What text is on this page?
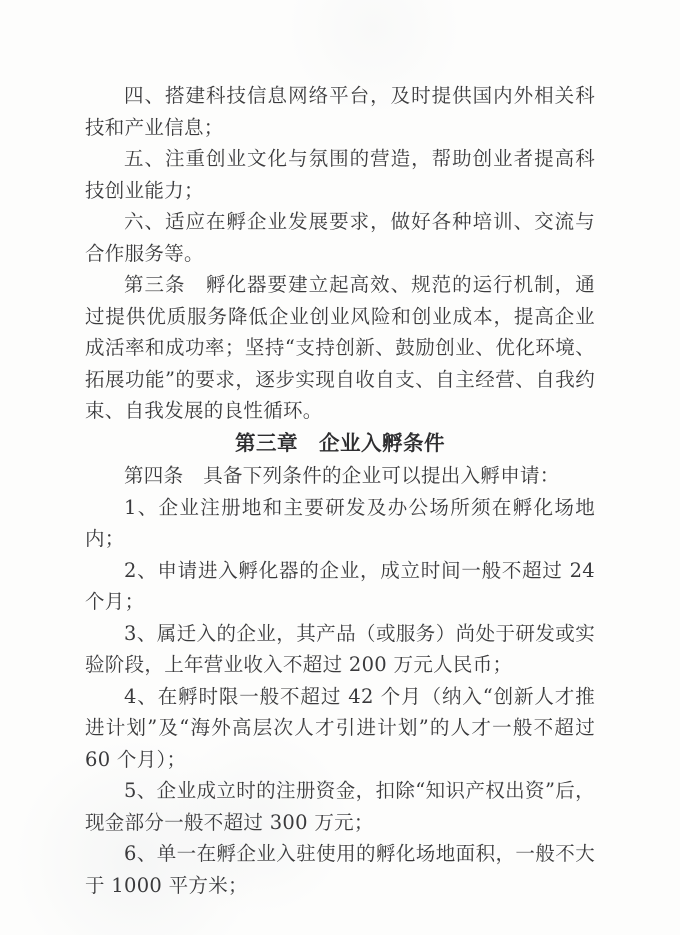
四、搭建科技信息网络平台，及时提供国内外相关科技和产业信息；

五、注重创业文化与氛围的营造，帮助创业者提高科技创业能力；

六、适应在孵企业发展要求，做好各种培训、交流与合作服务等。

第三条　孵化器要建立起高效、规范的运行机制，通过提供优质服务降低企业创业风险和创业成本，提高企业成活率和成功率；坚持“支持创新、鼓励创业、优化环境、拓展功能”的要求，逐步实现自收自支、自主经营、自我约束、自我发展的良性循环。

第三章　企业入孵条件

第四条　具备下列条件的企业可以提出入孵申请：

1、企业注册地和主要研发及办公场所须在孵化场地内；

2、申请进入孵化器的企业，成立时间一般不超过 24 个月；

3、属迁入的企业，其产品（或服务）尚处于研发或实验阶段，上年营业收入不超过 200 万元人民币；

4、在孵时限一般不超过 42 个月（纳入“创新人才推进计划”及“海外高层次人才引进计划”的人才一般不超过 60 个月）；

5、企业成立时的注册资金，扣除“知识产权出资”后，现金部分一般不超过 300 万元；

6、单一在孵企业入驻使用的孵化场地面积，一般不大于 1000 平方米；
